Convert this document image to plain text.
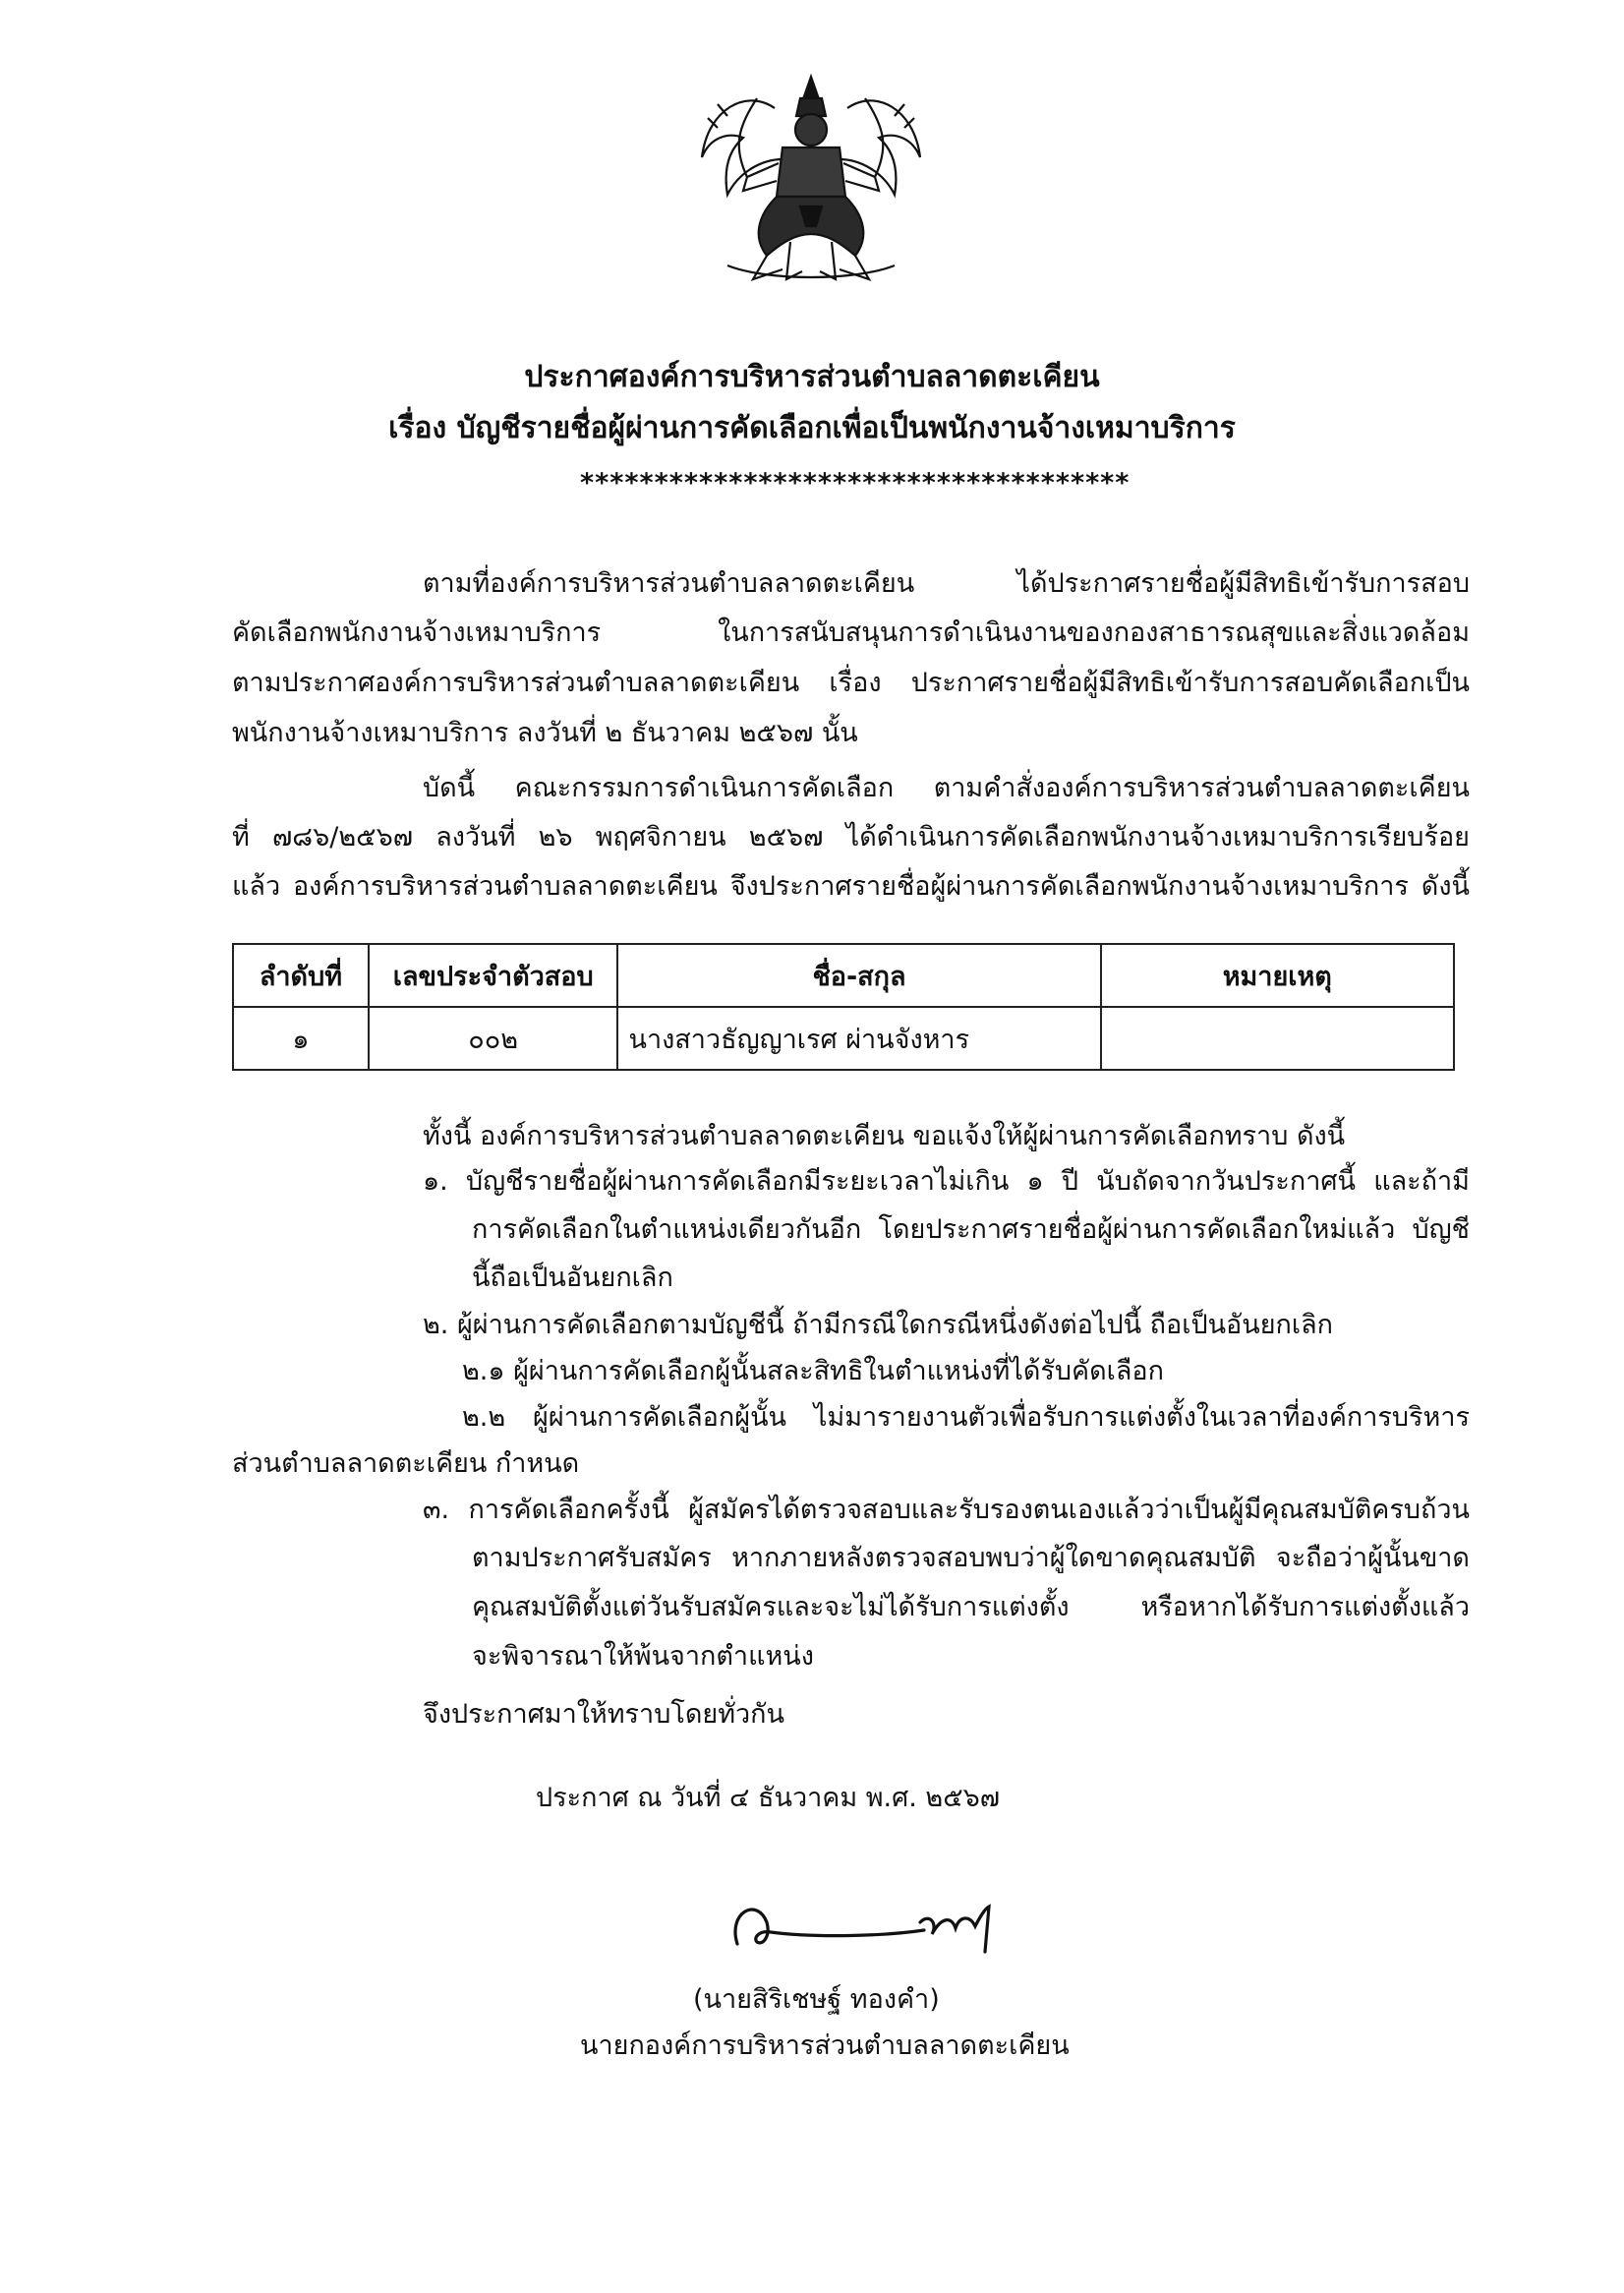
ประกาศองค์การบริหารส่วนตำบลลาดตะเคียน
เรื่อง บัญชีรายชื่อผู้ผ่านการคัดเลือกเพื่อเป็นพนักงานจ้างเหมาบริการ
*************************************
ตามที่องค์การบริหารส่วนตำบลลาดตะเคียน	ได้ประกาศรายชื่อผู้มีสิทธิเข้ารับการสอบ
คัดเลือกพนักงานจ้างเหมาบริการ	ในการสนับสนุนการดำเนินงานของกองสาธารณสุขและสิ่งแวดล้อม
ตามประกาศองค์การบริหารส่วนตำบลลาดตะเคียน เรื่อง ประกาศรายชื่อผู้มีสิทธิเข้ารับการสอบคัดเลือกเป็น
พนักงานจ้างเหมาบริการ ลงวันที่ ๒ ธันวาคม ๒๕๖๗ นั้น
บัดนี้ คณะกรรมการดำเนินการคัดเลือก ตามคำสั่งองค์การบริหารส่วนตำบลลาดตะเคียน
ที่ ๗๘๖/๒๕๖๗ ลงวันที่ ๒๖ พฤศจิกายน ๒๕๖๗ ได้ดำเนินการคัดเลือกพนักงานจ้างเหมาบริการเรียบร้อย
แล้ว องค์การบริหารส่วนตำบลลาดตะเคียน จึงประกาศรายชื่อผู้ผ่านการคัดเลือกพนักงานจ้างเหมาบริการ ดังนี้
ลำดับที่	เลขประจำตัวสอบ	ชื่อ-สกุล	หมายเหตุ
๑	๐๐๒	นางสาวธัญญาเรศ ผ่านจังหาร	
ทั้งนี้ องค์การบริหารส่วนตำบลลาดตะเคียน ขอแจ้งให้ผู้ผ่านการคัดเลือกทราบ ดังนี้
๑. บัญชีรายชื่อผู้ผ่านการคัดเลือกมีระยะเวลาไม่เกิน ๑ ปี นับถัดจากวันประกาศนี้ และถ้ามี
การคัดเลือกในตำแหน่งเดียวกันอีก โดยประกาศรายชื่อผู้ผ่านการคัดเลือกใหม่แล้ว บัญชี
นี้ถือเป็นอันยกเลิก
๒. ผู้ผ่านการคัดเลือกตามบัญชีนี้ ถ้ามีกรณีใดกรณีหนึ่งดังต่อไปนี้ ถือเป็นอันยกเลิก
๒.๑ ผู้ผ่านการคัดเลือกผู้นั้นสละสิทธิในตำแหน่งที่ได้รับคัดเลือก
๒.๒ ผู้ผ่านการคัดเลือกผู้นั้น ไม่มารายงานตัวเพื่อรับการแต่งตั้งในเวลาที่องค์การบริหาร
ส่วนตำบลลาดตะเคียน กำหนด
๓. การคัดเลือกครั้งนี้ ผู้สมัครได้ตรวจสอบและรับรองตนเองแล้วว่าเป็นผู้มีคุณสมบัติครบถ้วน
ตามประกาศรับสมัคร หากภายหลังตรวจสอบพบว่าผู้ใดขาดคุณสมบัติ จะถือว่าผู้นั้นขาด
คุณสมบัติตั้งแต่วันรับสมัครและจะไม่ได้รับการแต่งตั้ง	หรือหากได้รับการแต่งตั้งแล้ว
จะพิจารณาให้พ้นจากตำแหน่ง
จึงประกาศมาให้ทราบโดยทั่วกัน
ประกาศ ณ วันที่ ๔ ธันวาคม พ.ศ. ๒๕๖๗
(นายสิริเชษฐ์ ทองคำ)
นายกองค์การบริหารส่วนตำบลลาดตะเคียน
